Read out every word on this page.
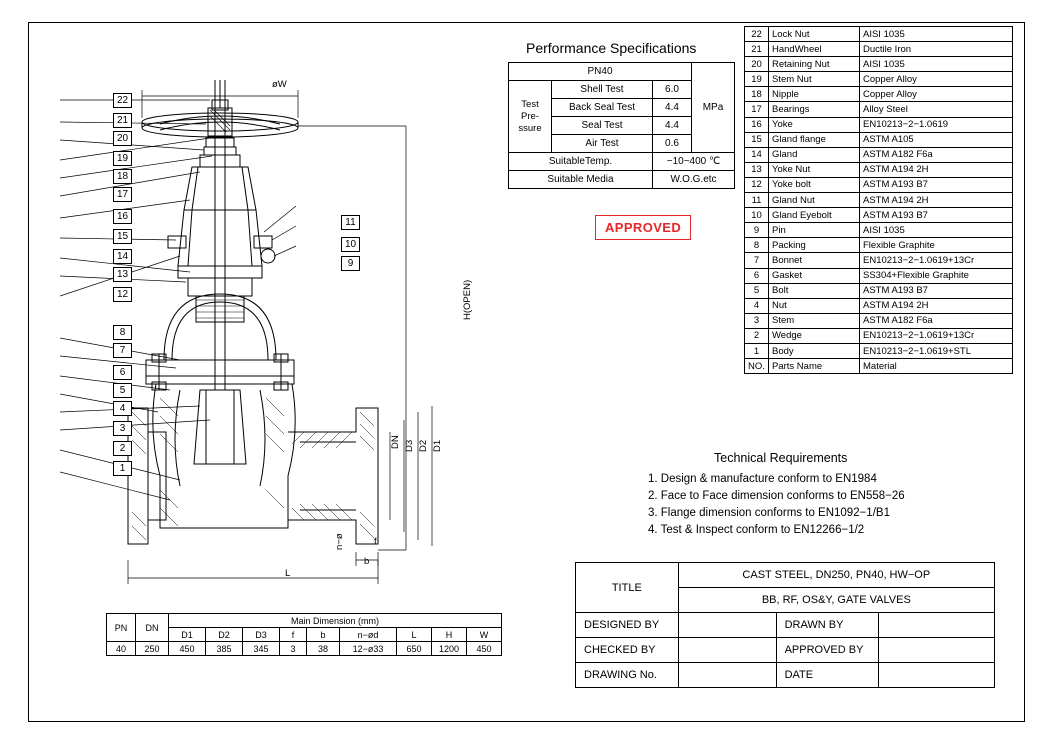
22
21
20
19
18
17
16
15
14
13
12
11
10
9
8
7
6
5
4
3
2
1
øW
H(OPEN)
L
DN D3 D2 D1
n−ø	f
b
Performance Specifications
PN40			MPa
Test
Pre-
ssure	Shell Test	6.0	
	Back Seal Test	4.4	
	Seal Test	4.4	
	Air Test	0.6	
SuitableTemp.		−10~400 ℃	
Suitable Media		W.O.G.etc	
APPROVED
22	Lock Nut	AISI 1035
21	HandWheel	Ductile Iron
20	Retaining Nut	AISI 1035
19	Stem Nut	Copper Alloy
18	Nipple	Copper Alloy
17	Bearings	Alloy Steel
16	Yoke	EN10213−2−1.0619
15	Gland flange	ASTM A105
14	Gland	ASTM A182 F6a
13	Yoke Nut	ASTM A194 2H
12	Yoke bolt	ASTM A193 B7
11	Gland Nut	ASTM A194 2H
10	Gland Eyebolt	ASTM A193 B7
9	Pin	AISI 1035
8	Packing	Flexible Graphite
7	Bonnet	EN10213−2−1.0619+13Cr
6	Gasket	SS304+Flexible Graphite
5	Bolt	ASTM A193 B7
4	Nut	ASTM A194 2H
3	Stem	ASTM A182 F6a
2	Wedge	EN10213−2−1.0619+13Cr
1	Body	EN10213−2−1.0619+STL
NO.	Parts Name	Material
Technical Requirements
1. Design & manufacture conform to EN1984
2. Face to Face dimension conforms to EN558−26
3. Flange dimension conforms to EN1092−1/B1
4. Test & Inspect conform to EN12266−1/2
TITLE	CAST STEEL, DN250, PN40, HW−OP		
	BB, RF, OS&Y, GATE VALVES		
DESIGNED BY		DRAWN BY	
CHECKED BY		APPROVED BY	
DRAWING No.		DATE	
PN	DN	Main Dimension (mm)								
		D1	D2	D3	f	b	n−ød	L	H	W
40	250	450	385	345	3	38	12−ø33	650	1200	450
